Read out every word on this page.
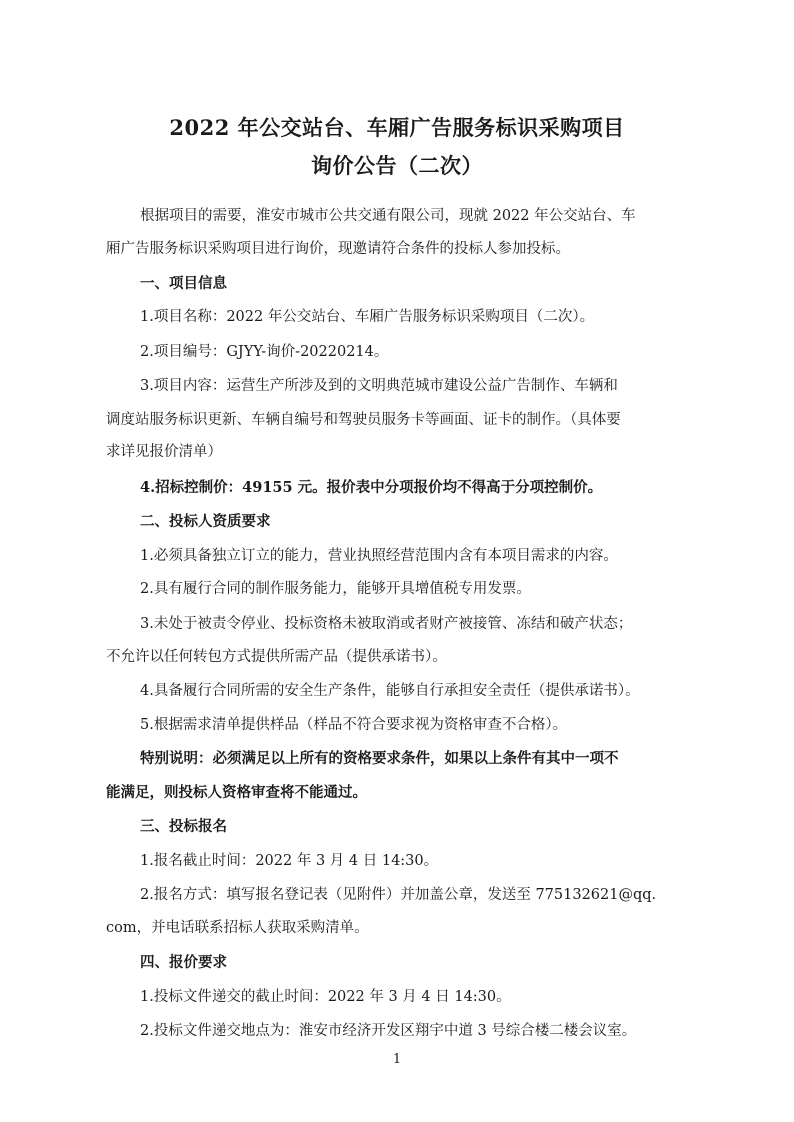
2022 年公交站台、车厢广告服务标识采购项目
询价公告（二次）
根据项目的需要，淮安市城市公共交通有限公司，现就 2022 年公交站台、车
厢广告服务标识采购项目进行询价，现邀请符合条件的投标人参加投标。
一、项目信息
1.项目名称：2022 年公交站台、车厢广告服务标识采购项目（二次）。
2.项目编号：GJYY-询价-20220214。
3.项目内容：运营生产所涉及到的文明典范城市建设公益广告制作、车辆和
调度站服务标识更新、车辆自编号和驾驶员服务卡等画面、证卡的制作。（具体要
求详见报价清单）
4.招标控制价：49155 元。报价表中分项报价均不得高于分项控制价。
二、投标人资质要求
1.必须具备独立订立的能力，营业执照经营范围内含有本项目需求的内容。
2.具有履行合同的制作服务能力，能够开具增值税专用发票。
3.未处于被责令停业、投标资格未被取消或者财产被接管、冻结和破产状态；
不允许以任何转包方式提供所需产品（提供承诺书）。
4.具备履行合同所需的安全生产条件，能够自行承担安全责任（提供承诺书）。
5.根据需求清单提供样品（样品不符合要求视为资格审查不合格）。
特别说明：必须满足以上所有的资格要求条件，如果以上条件有其中一项不
能满足，则投标人资格审查将不能通过。
三、投标报名
1.报名截止时间：2022 年 3 月 4 日 14:30。
2.报名方式：填写报名登记表（见附件）并加盖公章，发送至 775132621@qq.
com，并电话联系招标人获取采购清单。
四、报价要求
1.投标文件递交的截止时间：2022 年 3 月 4 日 14:30。
2.投标文件递交地点为：淮安市经济开发区翔宇中道 3 号综合楼二楼会议室。
1
